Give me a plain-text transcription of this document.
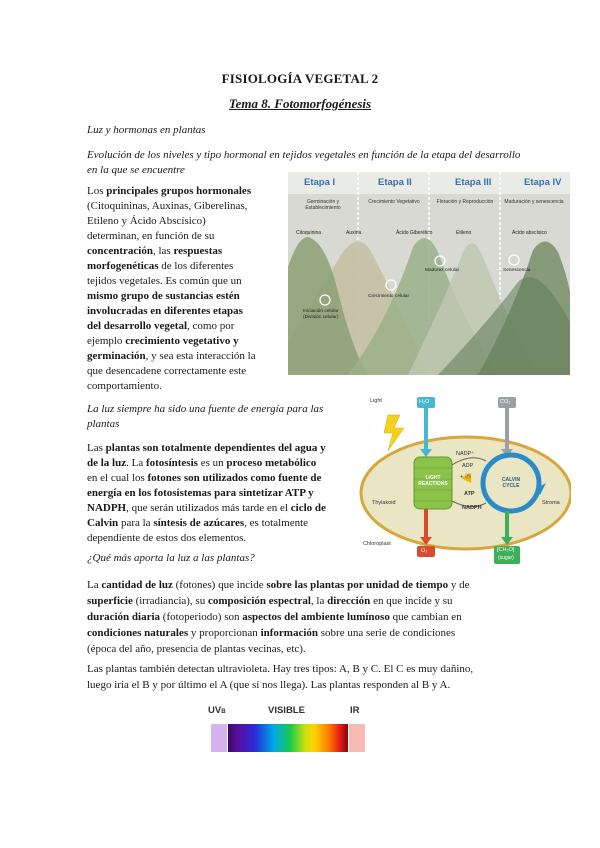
FISIOLOGÍA VEGETAL 2
Tema 8. Fotomorfogénesis
Luz y hormonas en plantas
Evolución de los niveles y tipo hormonal en tejidos vegetales en función de la etapa del desarrollo en la que se encuentre
Los principales grupos hormonales
(Citoquininas, Auxinas, Giberelinas,
Etileno y Ácido Abscísico)
determinan, en función de su
concentración, las respuestas
morfogenéticas de los diferentes
tejidos vegetales. Es común que un
mismo grupo de sustancias estén
involucradas en diferentes etapas
del desarrollo vegetal, como por
ejemplo crecimiento vegetativo y
germinación, y sea esta interacción la
que desencadene correctamente este
comportamiento.
Etapa I	Etapa II	Etapa III	Etapa IV
Germinación y Establecimiento
Crecimiento Vegetativo	Floración y Reproducción	Maduración y senescencia
Citoquinina	Auxina	Ácido Giberélico	Etileno	Ácido abscísico
Iniciación celular (División celular)
Crecimiento celular
Madurez celular	Senescencia
La luz siempre ha sido una fuente de energía para las plantas
Las plantas son totalmente dependientes del agua y
de la luz. La fotosíntesis es un proceso metabólico
en el cual los fotones son utilizados como fuente de
energía en los fotosistemas para sintetizar ATP y
NADPH, que serán utilizados más tarde en el ciclo de
Calvin para la síntesis de azúcares, es totalmente
dependiente de estos dos elementos.
Light	H₂O	CO₂
NADP⁺
ADP
+ Ⓟᵢ
ATP
NADPH
LIGHT REACTIONS
CALVIN CYCLE
Thylakoid	Stroma
Chloroplast
O₂	[CH₂O]
(sugar)
¿Qué más aporta la luz a las plantas?
La cantidad de luz (fotones) que incide sobre las plantas por unidad de tiempo y de
superficie (irradiancia), su composición espectral, la dirección en que incide y su
duración diaria (fotoperiodo) son aspectos del ambiente lumínoso que cambian en
condiciones naturales y proporcionan información sobre una serie de condiciones
(época del año, presencia de plantas vecinas, etc).
Las plantas también detectan ultravioleta. Hay tres tipos: A, B y C. El C es muy dañino,
luego iría el B y por último el A (que sí nos llega). Las plantas responden al B y A.
UVB	VISIBLE	IR
